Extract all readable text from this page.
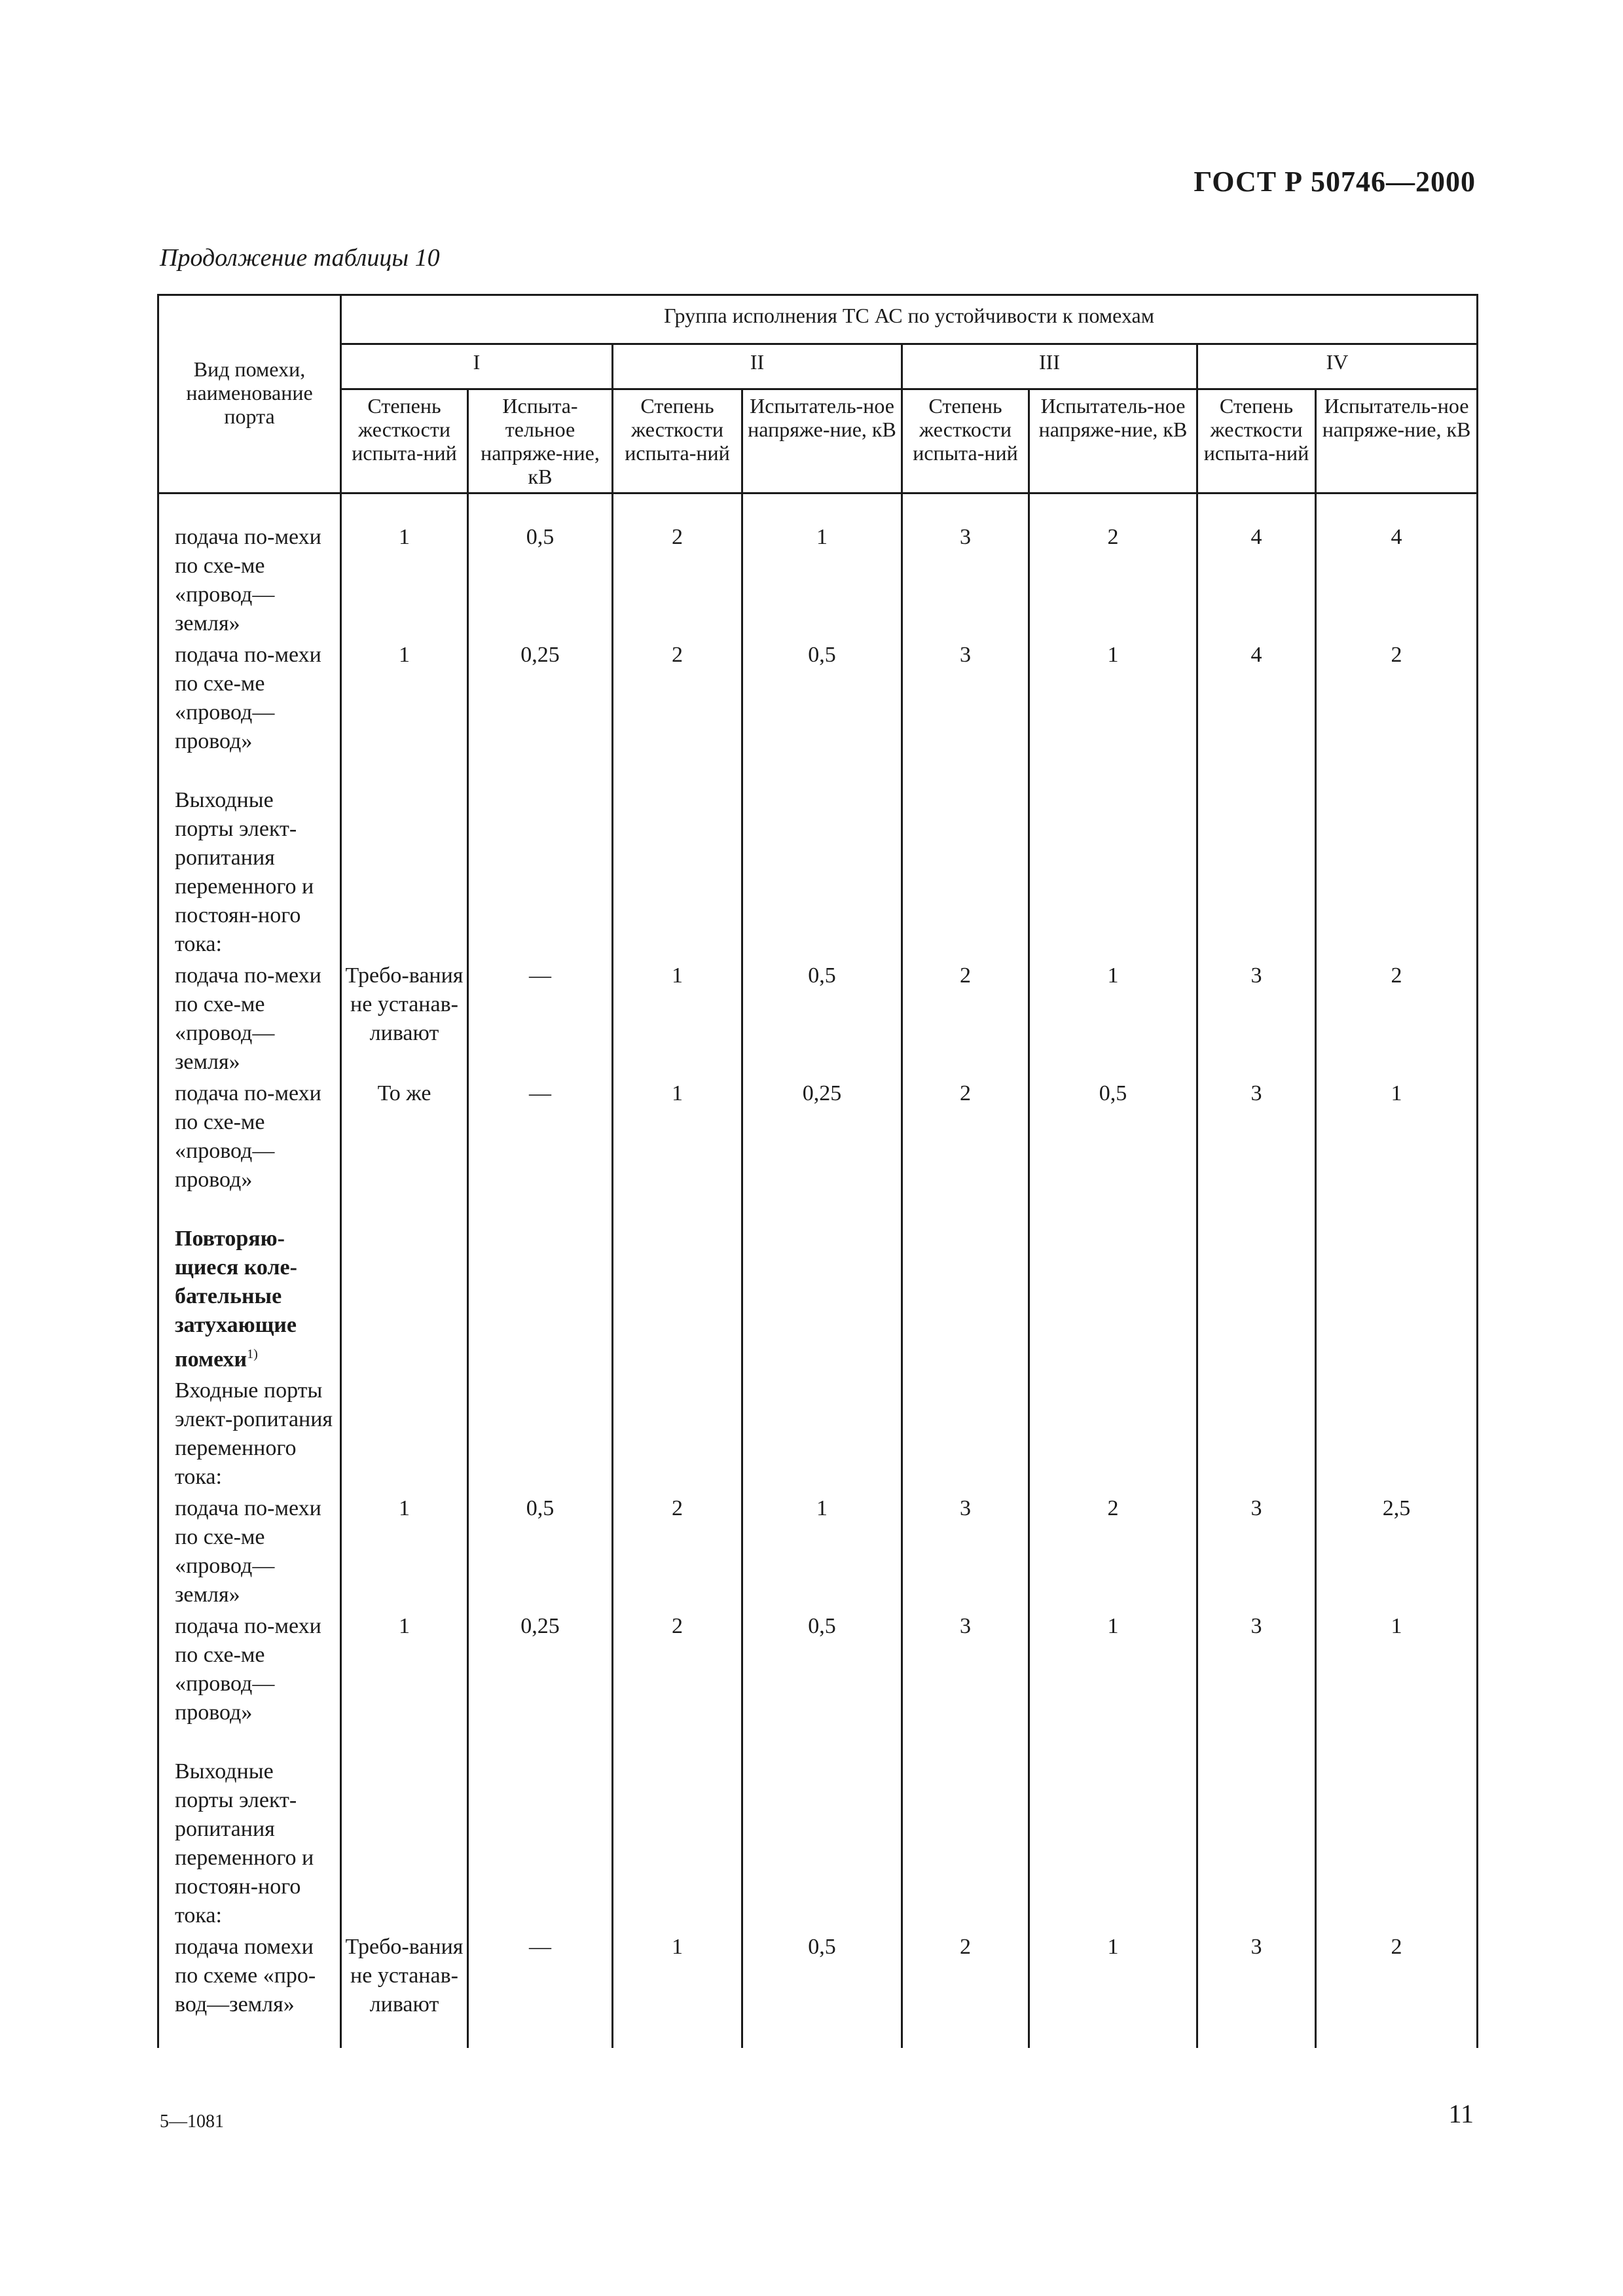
ГОСТ Р 50746—2000
Продолжение таблицы 10
Вид помехи, наименование порта	Группа исполнения ТС АС по устойчивости к помехам							
	I		II		III		IV	
	Степень жесткости испыта-ний	Испыта-тельное напряже-ние, кВ	Степень жесткости испыта-ний	Испытатель-ное напряже-ние, кВ	Степень жесткости испыта-ний	Испытатель-ное напряже-ние, кВ	Степень жесткости испыта-ний	Испытатель-ное напряже-ние, кВ

подача по-мехи по схе-ме «провод—земля»	1	0,5	2	1	3	2	4	4
подача по-мехи по схе-ме «провод—провод»	1	0,25	2	0,5	3	1	4	2

Выходные порты элект-ропитания переменного и постоян-ного тока:								
подача по-мехи по схе-ме «провод—земля»	Требо-вания не устанав-ливают	—	1	0,5	2	1	3	2
подача по-мехи по схе-ме «провод—провод»	То же	—	1	0,25	2	0,5	3	1

Повторяю-щиеся коле-бательные затухающие помехи$^{1)}$								
Входные порты элект-ропитания переменного тока:								
подача по-мехи по схе-ме «провод—земля»	1	0,5	2	1	3	2	3	2,5
подача по-мехи по схе-ме «провод—провод»	1	0,25	2	0,5	3	1	3	1

Выходные порты элект-ропитания переменного и постоян-ного тока:								
подача помехи по схеме «про-вод—земля»	Требо-вания не устанав-ливают	—	1	0,5	2	1	3	2

5—1081	11
